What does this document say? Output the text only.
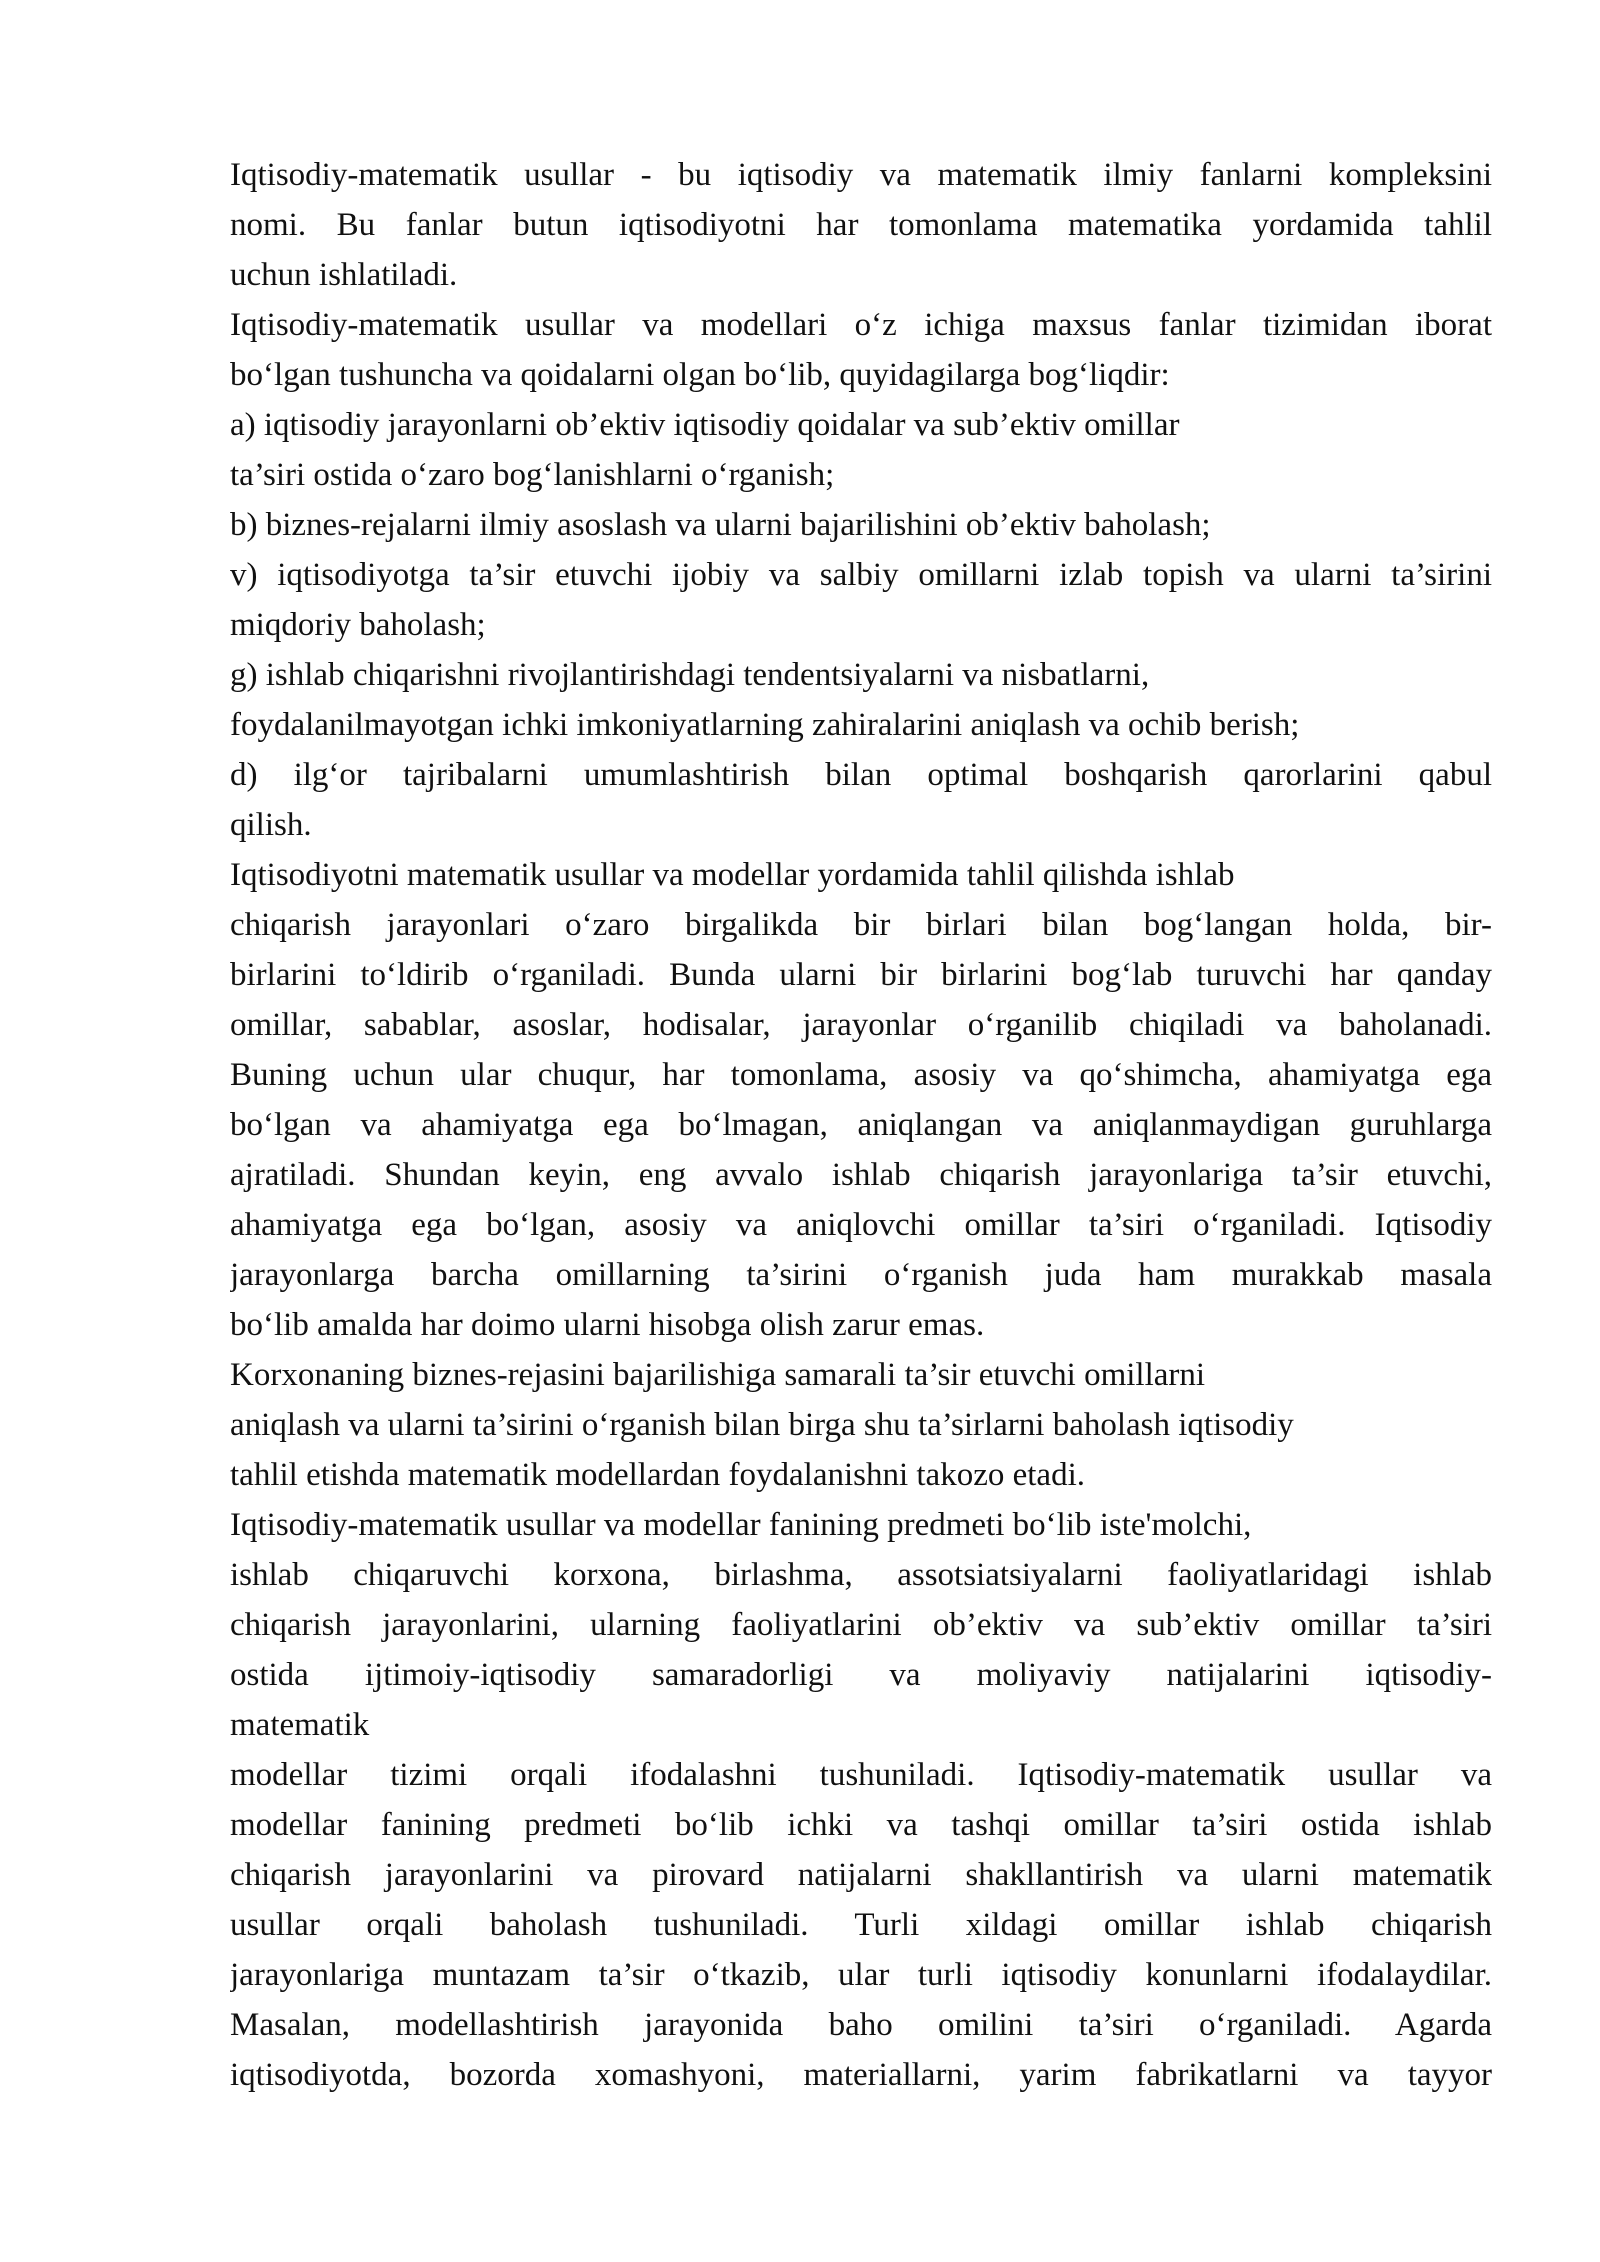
Iqtisodiy-matematik usullar - bu iqtisodiy va matematik ilmiy fanlarni kompleksini
nomi. Bu fanlar butun iqtisodiyotni har tomonlama matematika yordamida tahlil
uchun ishlatiladi.
Iqtisodiy-matematik usullar va modellari o‘z ichiga maxsus fanlar tizimidan iborat
bo‘lgan tushuncha va qoidalarni olgan bo‘lib, quyidagilarga bog‘liqdir:
a) iqtisodiy jarayonlarni ob’ektiv iqtisodiy qoidalar va sub’ektiv omillar
ta’siri ostida o‘zaro bog‘lanishlarni o‘rganish;
b) biznes-rejalarni ilmiy asoslash va ularni bajarilishini ob’ektiv baholash;
v) iqtisodiyotga ta’sir etuvchi ijobiy va salbiy omillarni izlab topish va ularni ta’sirini
miqdoriy baholash;
g) ishlab chiqarishni rivojlantirishdagi tendentsiyalarni va nisbatlarni,
foydalanilmayotgan ichki imkoniyatlarning zahiralarini aniqlash va ochib berish;
d) ilg‘or tajribalarni umumlashtirish bilan optimal boshqarish qarorlarini qabul
qilish.
Iqtisodiyotni matematik usullar va modellar yordamida tahlil qilishda ishlab
chiqarish jarayonlari o‘zaro birgalikda bir birlari bilan bog‘langan holda, bir-
birlarini to‘ldirib o‘rganiladi. Bunda ularni bir birlarini bog‘lab turuvchi har qanday
omillar, sabablar, asoslar, hodisalar, jarayonlar o‘rganilib chiqiladi va baholanadi.
Buning uchun ular chuqur, har tomonlama, asosiy va qo‘shimcha, ahamiyatga ega
bo‘lgan va ahamiyatga ega bo‘lmagan, aniqlangan va aniqlanmaydigan guruhlarga
ajratiladi. Shundan keyin, eng avvalo ishlab chiqarish jarayonlariga ta’sir etuvchi,
ahamiyatga ega bo‘lgan, asosiy va aniqlovchi omillar ta’siri o‘rganiladi. Iqtisodiy
jarayonlarga barcha omillarning ta’sirini o‘rganish juda ham murakkab masala
bo‘lib amalda har doimo ularni hisobga olish zarur emas.
Korxonaning biznes-rejasini bajarilishiga samarali ta’sir etuvchi omillarni
aniqlash va ularni ta’sirini o‘rganish bilan birga shu ta’sirlarni baholash iqtisodiy
tahlil etishda matematik modellardan foydalanishni takozo etadi.
Iqtisodiy-matematik usullar va modellar fanining predmeti bo‘lib iste'molchi,
ishlab chiqaruvchi korxona, birlashma, assotsiatsiyalarni faoliyatlaridagi ishlab
chiqarish jarayonlarini, ularning faoliyatlarini ob’ektiv va sub’ektiv omillar ta’siri
ostida ijtimoiy-iqtisodiy samaradorligi va moliyaviy natijalarini iqtisodiy-
matematik
modellar tizimi orqali ifodalashni tushuniladi. Iqtisodiy-matematik usullar va
modellar fanining predmeti bo‘lib ichki va tashqi omillar ta’siri ostida ishlab
chiqarish jarayonlarini va pirovard natijalarni shakllantirish va ularni matematik
usullar orqali baholash tushuniladi. Turli xildagi omillar ishlab chiqarish
jarayonlariga muntazam ta’sir o‘tkazib, ular turli iqtisodiy konunlarni ifodalaydilar.
Masalan, modellashtirish jarayonida baho omilini ta’siri o‘rganiladi. Agarda
iqtisodiyotda, bozorda xomashyoni, materiallarni, yarim fabrikatlarni va tayyor
